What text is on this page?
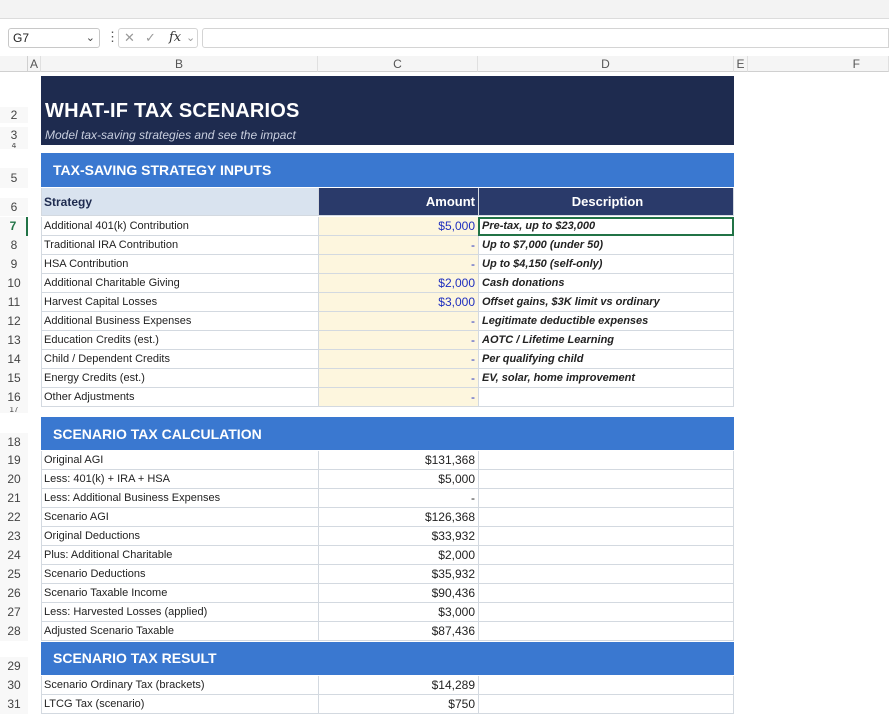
G7	⌄ ⋮ ✕ ✓ fx ⌄
A	B	C	D	E	F
2
3
4
5
6
7
8
9
10
11
12
13
14
15
16
17
18
19
20
21
22
23
24
25
26
27
28
29
30
31
WHAT-IF TAX SCENARIOS
Model tax-saving strategies and see the impact
TAX-SAVING STRATEGY INPUTS
Strategy	Amount	Description
Additional 401(k) Contribution	$5,000 Pre-tax, up to $23,000
Traditional IRA Contribution	- Up to $7,000 (under 50)
HSA Contribution	- Up to $4,150 (self-only)
Additional Charitable Giving	$2,000 Cash donations
Harvest Capital Losses	$3,000 Offset gains, $3K limit vs ordinary
Additional Business Expenses	- Legitimate deductible expenses
Education Credits (est.)	- AOTC / Lifetime Learning
Child / Dependent Credits	- Per qualifying child
Energy Credits (est.)	- EV, solar, home improvement
Other Adjustments	-
SCENARIO TAX CALCULATION
Original AGI	$131,368
Less: 401(k) + IRA + HSA	$5,000
Less: Additional Business Expenses	-
Scenario AGI	$126,368
Original Deductions	$33,932
Plus: Additional Charitable	$2,000
Scenario Deductions	$35,932
Scenario Taxable Income	$90,436
Less: Harvested Losses (applied)	$3,000
Adjusted Scenario Taxable	$87,436
SCENARIO TAX RESULT
Scenario Ordinary Tax (brackets)	$14,289
LTCG Tax (scenario)	$750
